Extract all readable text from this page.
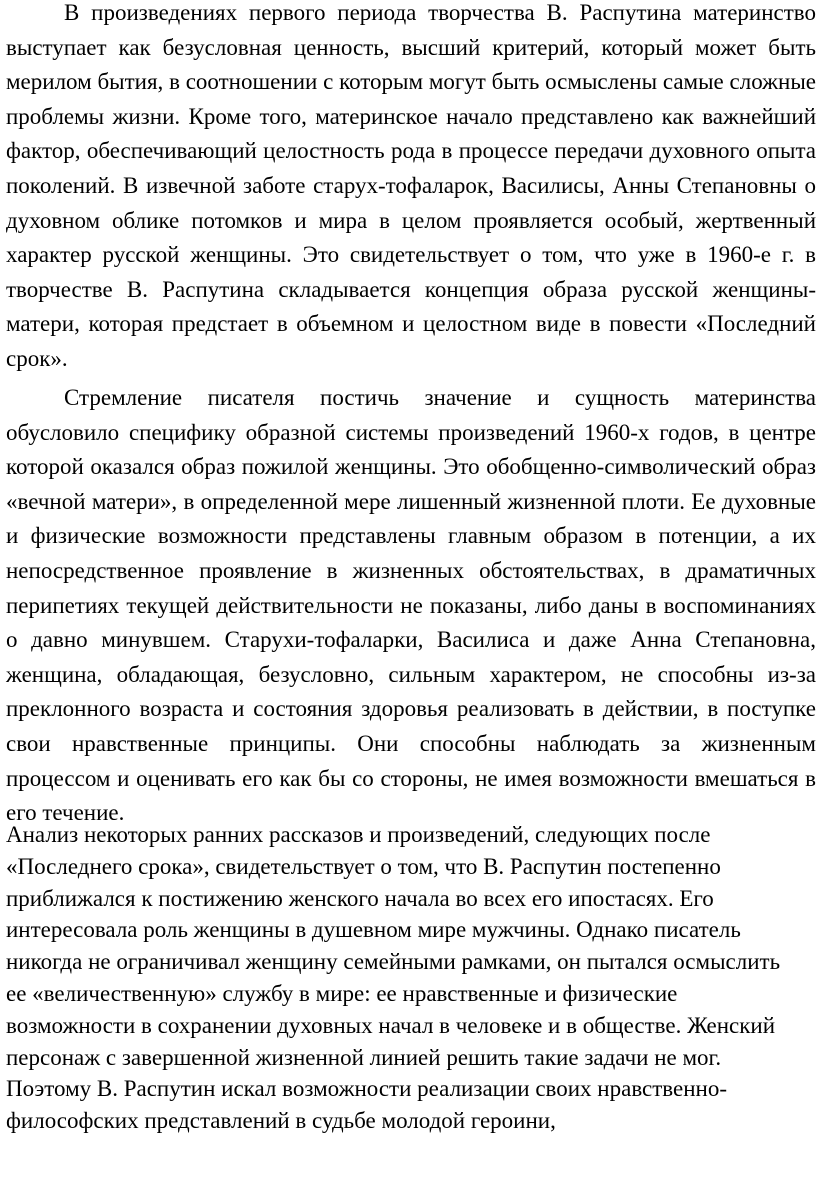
В произведениях первого периода творчества В. Распутина материнство выступает как безусловная ценность, высший критерий, который может быть мерилом бытия, в соотношении с которым могут быть осмыслены самые сложные проблемы жизни. Кроме того, материнское начало представлено как важнейший фактор, обеспечивающий целостность рода в процессе передачи духовного опыта поколений. В извечной заботе старух-тофаларок, Василисы, Анны Степановны о духовном облике потомков и мира в целом проявляется особый, жертвенный характер русской женщины. Это свидетельствует о том, что уже в 1960-е г. в творчестве В. Распутина складывается концепция образа русской женщины-матери, которая предстает в объемном и целостном виде в повести «Последний срок».

Стремление писателя постичь значение и сущность материнства обусловило специфику образной системы произведений 1960-х годов, в центре которой оказался образ пожилой женщины. Это обобщенно-символический образ «вечной матери», в определенной мере лишенный жизненной плоти. Ее духовные и физические возможности представлены главным образом в потенции, а их непосредственное проявление в жизненных обстоятельствах, в драматичных перипетиях текущей действительности не показаны, либо даны в воспоминаниях о давно минувшем. Старухи-тофаларки, Василиса и даже Анна Степановна, женщина, обладающая, безусловно, сильным характером, не способны из-за преклонного возраста и состояния здоровья реализовать в действии, в поступке свои нравственные принципы. Они способны наблюдать за жизненным процессом и оценивать его как бы со стороны, не имея возможности вмешаться в его течение.

Анализ некоторых ранних рассказов и произведений, следующих после «Последнего срока», свидетельствует о том, что В. Распутин постепенно приближался к постижению женского начала во всех его ипостасях. Его интересовала роль женщины в душевном мире мужчины. Однако писатель никогда не ограничивал женщину семейными рамками, он пытался осмыслить ее «величественную» службу в мире: ее нравственные и физические возможности в сохранении духовных начал в человеке и в обществе. Женский персонаж с завершенной жизненной линией решить такие задачи не мог. Поэтому В. Распутин искал возможности реализации своих нравственно-философских представлений в судьбе молодой героини,
